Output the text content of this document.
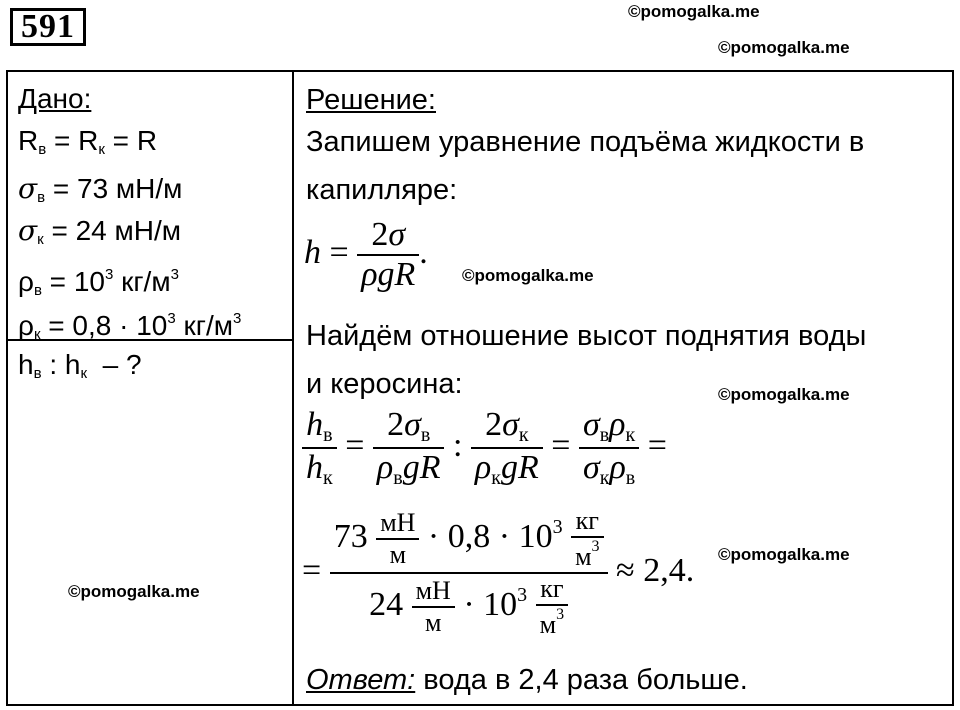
591	©pomogalka.me
©pomogalka.me
Дано:
$R_в = R_к = R$
$\sigma_в = 73$ мН/м
$\sigma_к = 24$ мН/м
$\rho_в = 10^3$ $кг/м^3$
$\rho_к = 0,8 \cdot 10^3$ $кг/м^3$
$h_в$ : $h_к$  – ?
©pomogalka.me
Решение:
Запишем уравнение подъёма жидкости в
капилляре:
$h = \frac{2\sigma}{\text{ρgR}}$ .
©pomogalka.me
Найдём отношение высот поднятия воды
и керосина:	©pomogalka.me
$\frac{hв}{hк} = \frac{2\sigma в}{\text{ρвgR}}$ : $\frac{2\sigma к}{\text{ρкgR}} = \frac{\text{σвρк}}{\text{σкρв}}$ =
= $\frac{73 \frac{мН}{м} \cdot 0,8 \cdot 10^3 \frac{кг}{м^3}}{24 \frac{мН}{м} \cdot 10^3 \frac{кг}{м^3}} \approx 2,4$. ©pomogalka.me
Ответ: вода в 2,4 раза больше.
